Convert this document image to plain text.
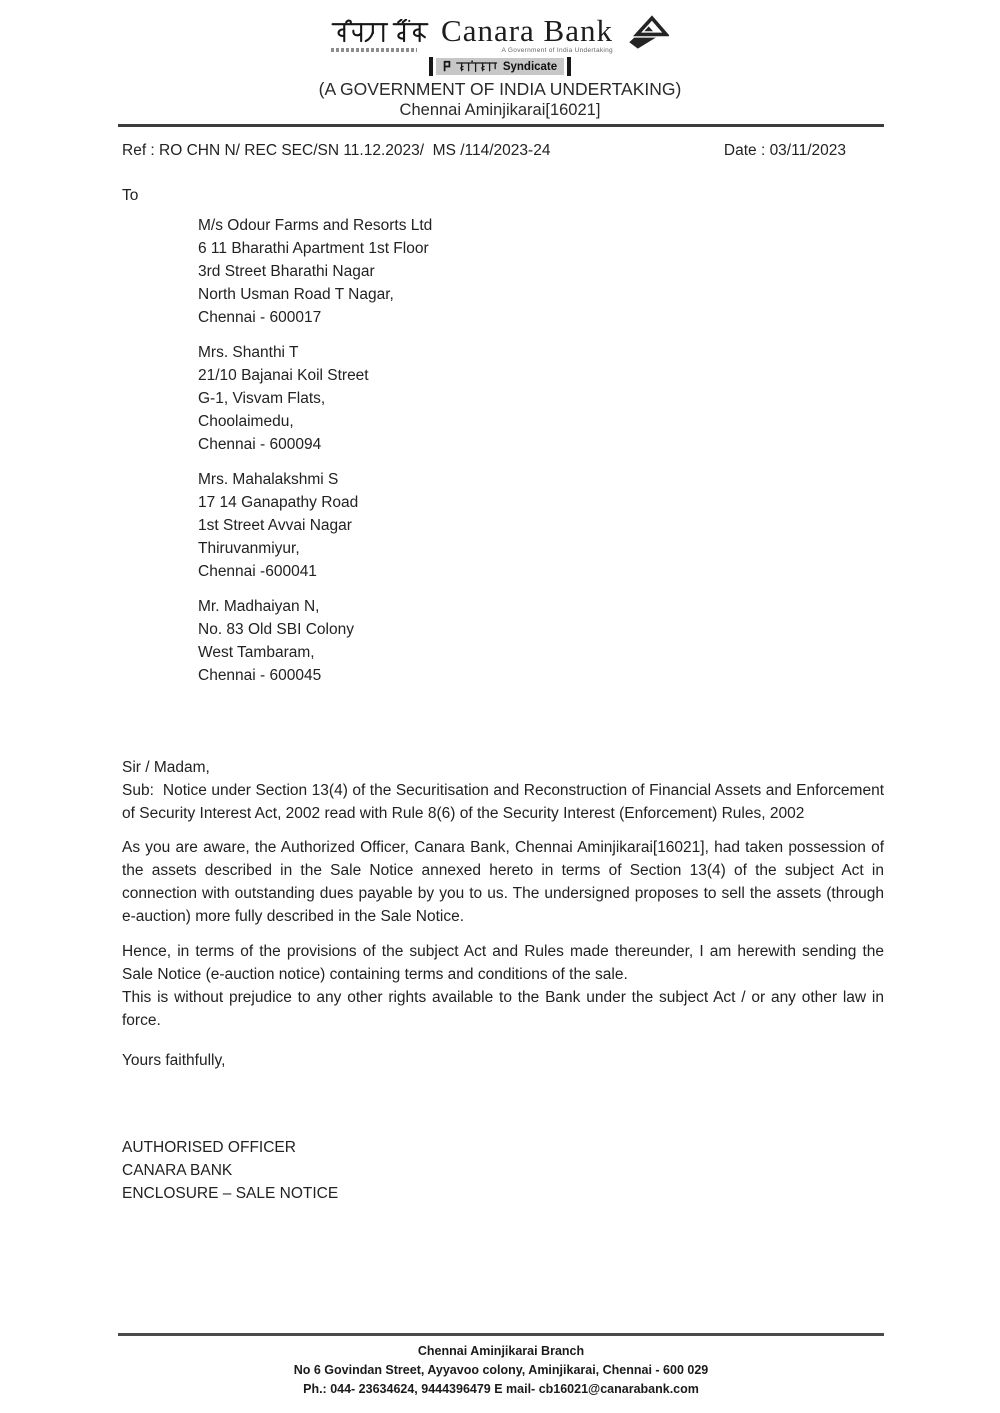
Canara Bank
A Government of India Undertaking
Syndicate
(A GOVERNMENT OF INDIA UNDERTAKING)
Chennai Aminjikarai[16021]
Ref : RO CHN N/ REC SEC/SN 11.12.2023/  MS /114/2023-24	Date : 03/11/2023
To
M/s Odour Farms and Resorts Ltd
6 11 Bharathi Apartment 1st Floor
3rd Street Bharathi Nagar
North Usman Road T Nagar,
Chennai - 600017
Mrs. Shanthi T
21/10 Bajanai Koil Street
G-1, Visvam Flats,
Choolaimedu,
Chennai - 600094
Mrs. Mahalakshmi S
17 14 Ganapathy Road
1st Street Avvai Nagar
Thiruvanmiyur,
Chennai -600041
Mr. Madhaiyan N,
No. 83 Old SBI Colony
West Tambaram,
Chennai - 600045
Sir / Madam,
Sub:  Notice under Section 13(4) of the Securitisation and Reconstruction of Financial Assets and Enforcement of Security Interest Act, 2002 read with Rule 8(6) of the Security Interest (Enforcement) Rules, 2002
As you are aware, the Authorized Officer, Canara Bank, Chennai Aminjikarai[16021], had taken possession of the assets described in the Sale Notice annexed hereto in terms of Section 13(4) of the subject Act in connection with outstanding dues payable by you to us. The undersigned proposes to sell the assets (through e-auction) more fully described in the Sale Notice.
Hence, in terms of the provisions of the subject Act and Rules made thereunder, I am herewith sending the Sale Notice (e-auction notice) containing terms and conditions of the sale.
This is without prejudice to any other rights available to the Bank under the subject Act / or any other law in force.
Yours faithfully,
AUTHORISED OFFICER
CANARA BANK
ENCLOSURE – SALE NOTICE
Chennai Aminjikarai Branch
No 6 Govindan Street, Ayyavoo colony, Aminjikarai, Chennai - 600 029
Ph.: 044- 23634624, 9444396479 E mail- cb16021@canarabank.com
